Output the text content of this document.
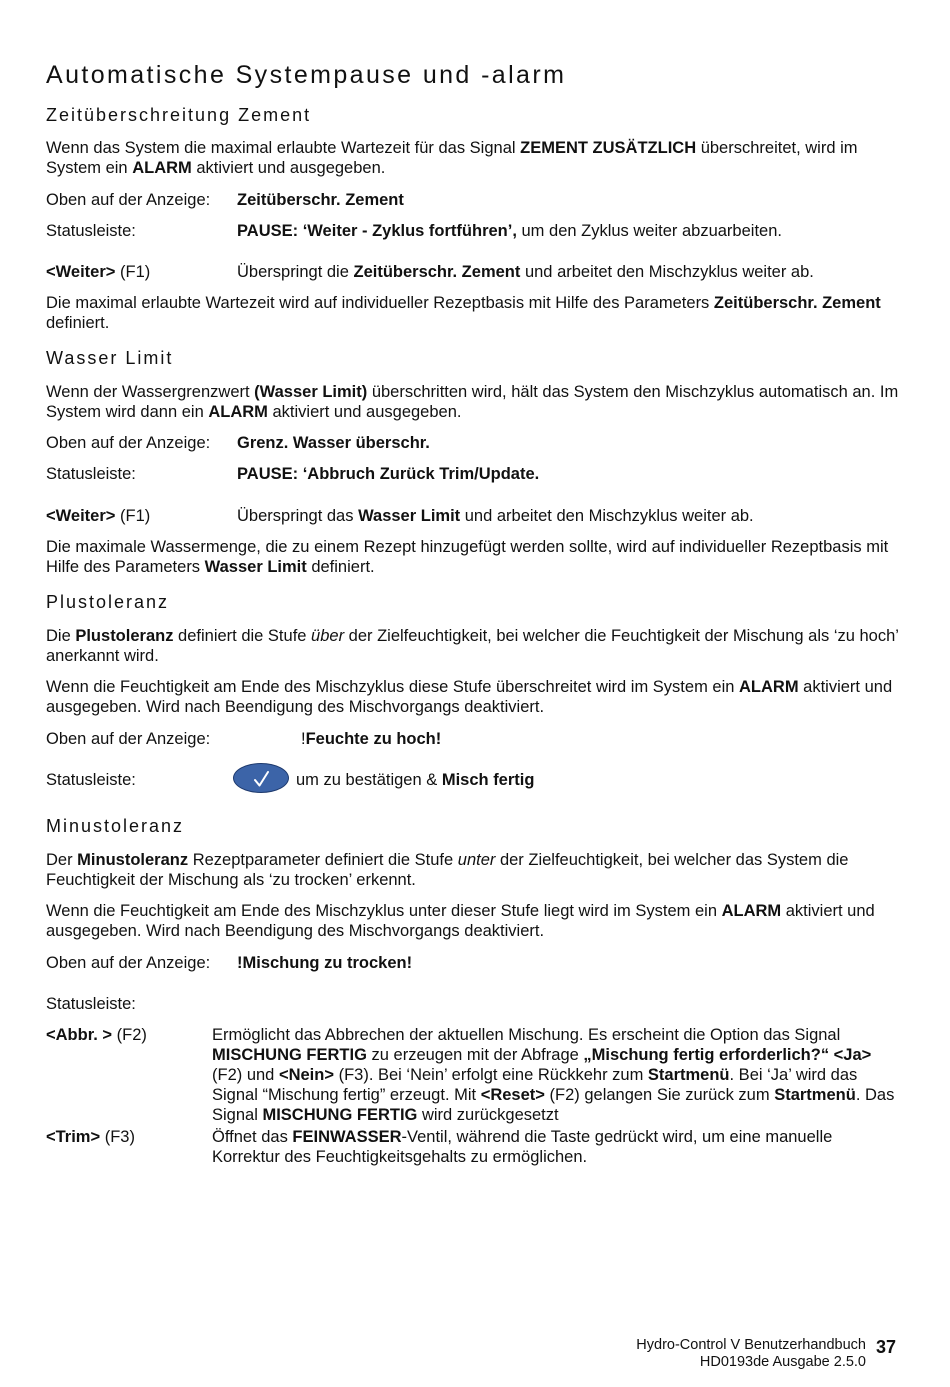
Automatische Systempause und -alarm
Zeitüberschreitung Zement
Wenn das System die maximal erlaubte Wartezeit für das Signal ZEMENT ZUSÄTZLICH überschreitet, wird im System ein ALARM aktiviert und ausgegeben.
Oben auf der Anzeige: Zeitüberschr. Zement
Statusleiste:	PAUSE: ‘Weiter - Zyklus fortführen’, um den Zyklus weiter abzuarbeiten.
<Weiter> (F1)	Überspringt die Zeitüberschr. Zement und arbeitet den Mischzyklus weiter ab.
Die maximal erlaubte Wartezeit wird auf individueller Rezeptbasis mit Hilfe des Parameters Zeitüberschr. Zement definiert.
Wasser Limit
Wenn der Wassergrenzwert (Wasser Limit) überschritten wird, hält das System den Mischzyklus automatisch an. Im System wird dann ein ALARM aktiviert und ausgegeben.
Oben auf der Anzeige: Grenz. Wasser überschr.
Statusleiste:	PAUSE: ‘Abbruch Zurück Trim/Update.
<Weiter> (F1)	Überspringt das Wasser Limit und arbeitet den Mischzyklus weiter ab.
Die maximale Wassermenge, die zu einem Rezept hinzugefügt werden sollte, wird auf individueller Rezeptbasis mit Hilfe des Parameters Wasser Limit definiert.
Plustoleranz
Die Plustoleranz definiert die Stufe über der Zielfeuchtigkeit, bei welcher die Feuchtigkeit der Mischung als ‘zu hoch’ anerkannt wird.
Wenn die Feuchtigkeit am Ende des Mischzyklus diese Stufe überschreitet wird im System ein ALARM aktiviert und ausgegeben. Wird nach Beendigung des Mischvorgangs deaktiviert.
Oben auf der Anzeige:	!Feuchte zu hoch!
Statusleiste:	um zu bestätigen & Misch fertig
Minustoleranz
Der Minustoleranz Rezeptparameter definiert die Stufe unter der Zielfeuchtigkeit, bei welcher das System die Feuchtigkeit der Mischung als ‘zu trocken’ erkennt.
Wenn die Feuchtigkeit am Ende des Mischzyklus unter dieser Stufe liegt wird im System ein ALARM aktiviert und ausgegeben. Wird nach Beendigung des Mischvorgangs deaktiviert.
Oben auf der Anzeige: !Mischung zu trocken!
Statusleiste:
<Abbr. > (F2)	Ermöglicht das Abbrechen der aktuellen Mischung. Es erscheint die Option das Signal MISCHUNG FERTIG zu erzeugen mit der Abfrage „Mischung fertig erforderlich?“ <Ja> (F2) und <Nein> (F3). Bei ‘Nein’ erfolgt eine Rückkehr zum Startmenü. Bei ‘Ja’ wird das Signal “Mischung fertig” erzeugt. Mit <Reset> (F2) gelangen Sie zurück zum Startmenü. Das Signal MISCHUNG FERTIG wird zurückgesetzt
<Trim> (F3)	Öffnet das FEINWASSER-Ventil, während die Taste gedrückt wird, um eine manuelle Korrektur des Feuchtigkeitsgehalts zu ermöglichen.
Hydro-Control V Benutzerhandbuch
HD0193de Ausgabe 2.5.0
37
